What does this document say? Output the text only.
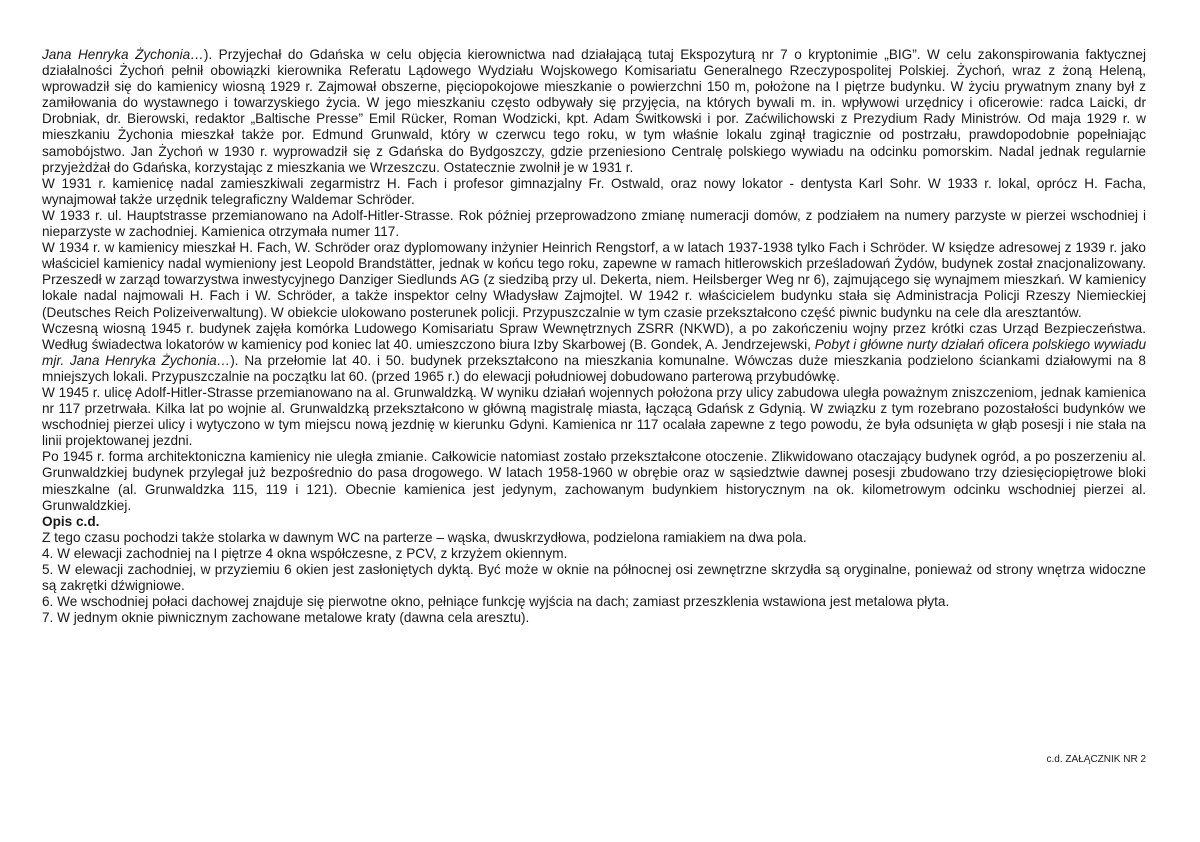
Jana Henryka Żychonia…). Przyjechał do Gdańska w celu objęcia kierownictwa nad działającą tutaj Ekspozyturą nr 7 o kryptonimie „BIG”. W celu zakonspirowania faktycznej działalności Żychoń pełnił obowiązki kierownika Referatu Lądowego Wydziału Wojskowego Komisariatu Generalnego Rzeczypospolitej Polskiej. Żychoń, wraz z żoną Heleną, wprowadził się do kamienicy wiosną 1929 r. Zajmował obszerne, pięciopokojowe mieszkanie o powierzchni 150 m, położone na I piętrze budynku. W życiu prywatnym znany był z zamiłowania do wystawnego i towarzyskiego życia. W jego mieszkaniu często odbywały się przyjęcia, na których bywali m. in. wpływowi urzędnicy i oficerowie: radca Laicki, dr Drobniak, dr. Bierowski, redaktor „Baltische Presse” Emil Rücker, Roman Wodzicki, kpt. Adam Świtkowski i por. Zaćwilichowski z Prezydium Rady Ministrów. Od maja 1929 r. w mieszkaniu Żychonia mieszkał także por. Edmund Grunwald, który w czerwcu tego roku, w tym właśnie lokalu zginął tragicznie od postrzału, prawdopodobnie popełniając samobójstwo. Jan Żychoń w 1930 r. wyprowadził się z Gdańska do Bydgoszczy, gdzie przeniesiono Centralę polskiego wywiadu na odcinku pomorskim. Nadal jednak regularnie przyjeżdżał do Gdańska, korzystając z mieszkania we Wrzeszczu. Ostatecznie zwolnił je w 1931 r.

W 1931 r. kamienicę nadal zamieszkiwali zegarmistrz H. Fach i profesor gimnazjalny Fr. Ostwald, oraz nowy lokator - dentysta Karl Sohr. W 1933 r. lokal, oprócz H. Facha, wynajmował także urzędnik telegraficzny Waldemar Schröder.

W 1933 r. ul. Hauptstrasse przemianowano na Adolf-Hitler-Strasse. Rok później przeprowadzono zmianę numeracji domów, z podziałem na numery parzyste w pierzei wschodniej i nieparzyste w zachodniej. Kamienica otrzymała numer 117.

W 1934 r. w kamienicy mieszkał H. Fach, W. Schröder oraz dyplomowany inżynier Heinrich Rengstorf, a w latach 1937-1938 tylko Fach i Schröder. W księdze adresowej z 1939 r. jako właściciel kamienicy nadal wymieniony jest Leopold Brandstätter, jednak w końcu tego roku, zapewne w ramach hitlerowskich prześladowań Żydów, budynek został znacjonalizowany. Przeszedł w zarząd towarzystwa inwestycyjnego Danziger Siedlunds AG (z siedzibą przy ul. Dekerta, niem. Heilsberger Weg nr 6), zajmującego się wynajmem mieszkań. W kamienicy lokale nadal najmowali H. Fach i W. Schröder, a także inspektor celny Władysław Zajmojtel. W 1942 r. właścicielem budynku stała się Administracja Policji Rzeszy Niemieckiej (Deutsches Reich Polizeiverwaltung). W obiekcie ulokowano posterunek policji. Przypuszczalnie w tym czasie przekształcono część piwnic budynku na cele dla aresztantów.

Wczesną wiosną 1945 r. budynek zajęła komórka Ludowego Komisariatu Spraw Wewnętrznych ZSRR (NKWD), a po zakończeniu wojny przez krótki czas Urząd Bezpieczeństwa. Według świadectwa lokatorów w kamienicy pod koniec lat 40. umieszczono biura Izby Skarbowej (B. Gondek, A. Jendrzejewski, Pobyt i główne nurty działań oficera polskiego wywiadu mjr. Jana Henryka Żychonia…). Na przełomie lat 40. i 50. budynek przekształcono na mieszkania komunalne. Wówczas duże mieszkania podzielono ściankami działowymi na 8 mniejszych lokali. Przypuszczalnie na początku lat 60. (przed 1965 r.) do elewacji południowej dobudowano parterową przybudówkę.

W 1945 r. ulicę Adolf-Hitler-Strasse przemianowano na al. Grunwaldzką. W wyniku działań wojennych położona przy ulicy zabudowa uległa poważnym zniszczeniom, jednak kamienica nr 117 przetrwała. Kilka lat po wojnie al. Grunwaldzką przekształcono w główną magistralę miasta, łączącą Gdańsk z Gdynią. W związku z tym rozebrano pozostałości budynków we wschodniej pierzei ulicy i wytyczono w tym miejscu nową jezdnię w kierunku Gdyni. Kamienica nr 117 ocalała zapewne z tego powodu, że była odsunięta w głąb posesji i nie stała na linii projektowanej jezdni.

Po 1945 r. forma architektoniczna kamienicy nie uległa zmianie. Całkowicie natomiast zostało przekształcone otoczenie. Zlikwidowano otaczający budynek ogród, a po poszerzeniu al. Grunwaldzkiej budynek przylegał już bezpośrednio do pasa drogowego. W latach 1958-1960 w obrębie oraz w sąsiedztwie dawnej posesji zbudowano trzy dziesięciopiętrowe bloki mieszkalne (al. Grunwaldzka 115, 119 i 121). Obecnie kamienica jest jedynym, zachowanym budynkiem historycznym na ok. kilometrowym odcinku wschodniej pierzei al. Grunwaldzkiej.

Opis c.d.

Z tego czasu pochodzi także stolarka w dawnym WC na parterze – wąska, dwuskrzydłowa, podzielona ramiakiem na dwa pola.

4. W elewacji zachodniej na I piętrze 4 okna współczesne, z PCV, z krzyżem okiennym.

5. W elewacji zachodniej, w przyziemiu 6 okien jest zasłoniętych dyktą. Być może w oknie na północnej osi zewnętrzne skrzydła są oryginalne, ponieważ od strony wnętrza widoczne są zakrętki dźwigniowe.

6. We wschodniej połaci dachowej znajduje się pierwotne okno, pełniące funkcję wyjścia na dach; zamiast przeszklenia wstawiona jest metalowa płyta.

7. W jednym oknie piwnicznym zachowane metalowe kraty (dawna cela aresztu).

c.d. ZAŁĄCZNIK NR 2
